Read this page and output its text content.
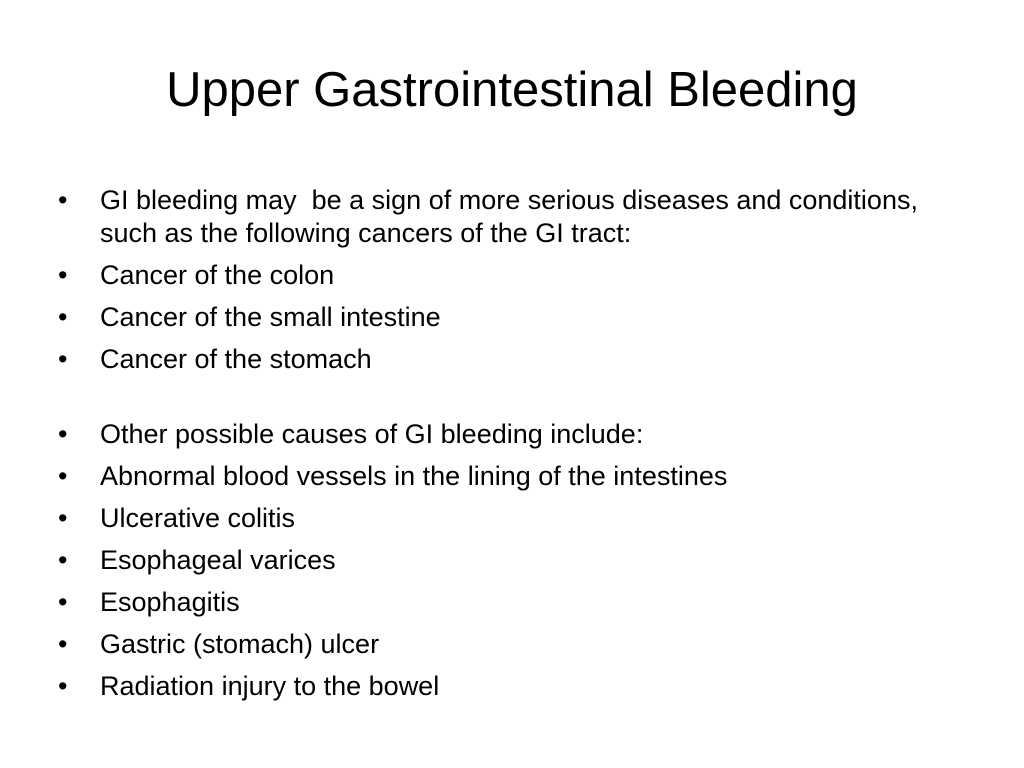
Upper Gastrointestinal Bleeding
•	GI bleeding may  be a sign of more serious diseases and conditions, such as the following cancers of the GI tract:
•	Cancer of the colon
•	Cancer of the small intestine
•	Cancer of the stomach
•	Other possible causes of GI bleeding include:
•	Abnormal blood vessels in the lining of the intestines
•	Ulcerative colitis
•	Esophageal varices
•	Esophagitis
•	Gastric (stomach) ulcer
•	Radiation injury to the bowel
